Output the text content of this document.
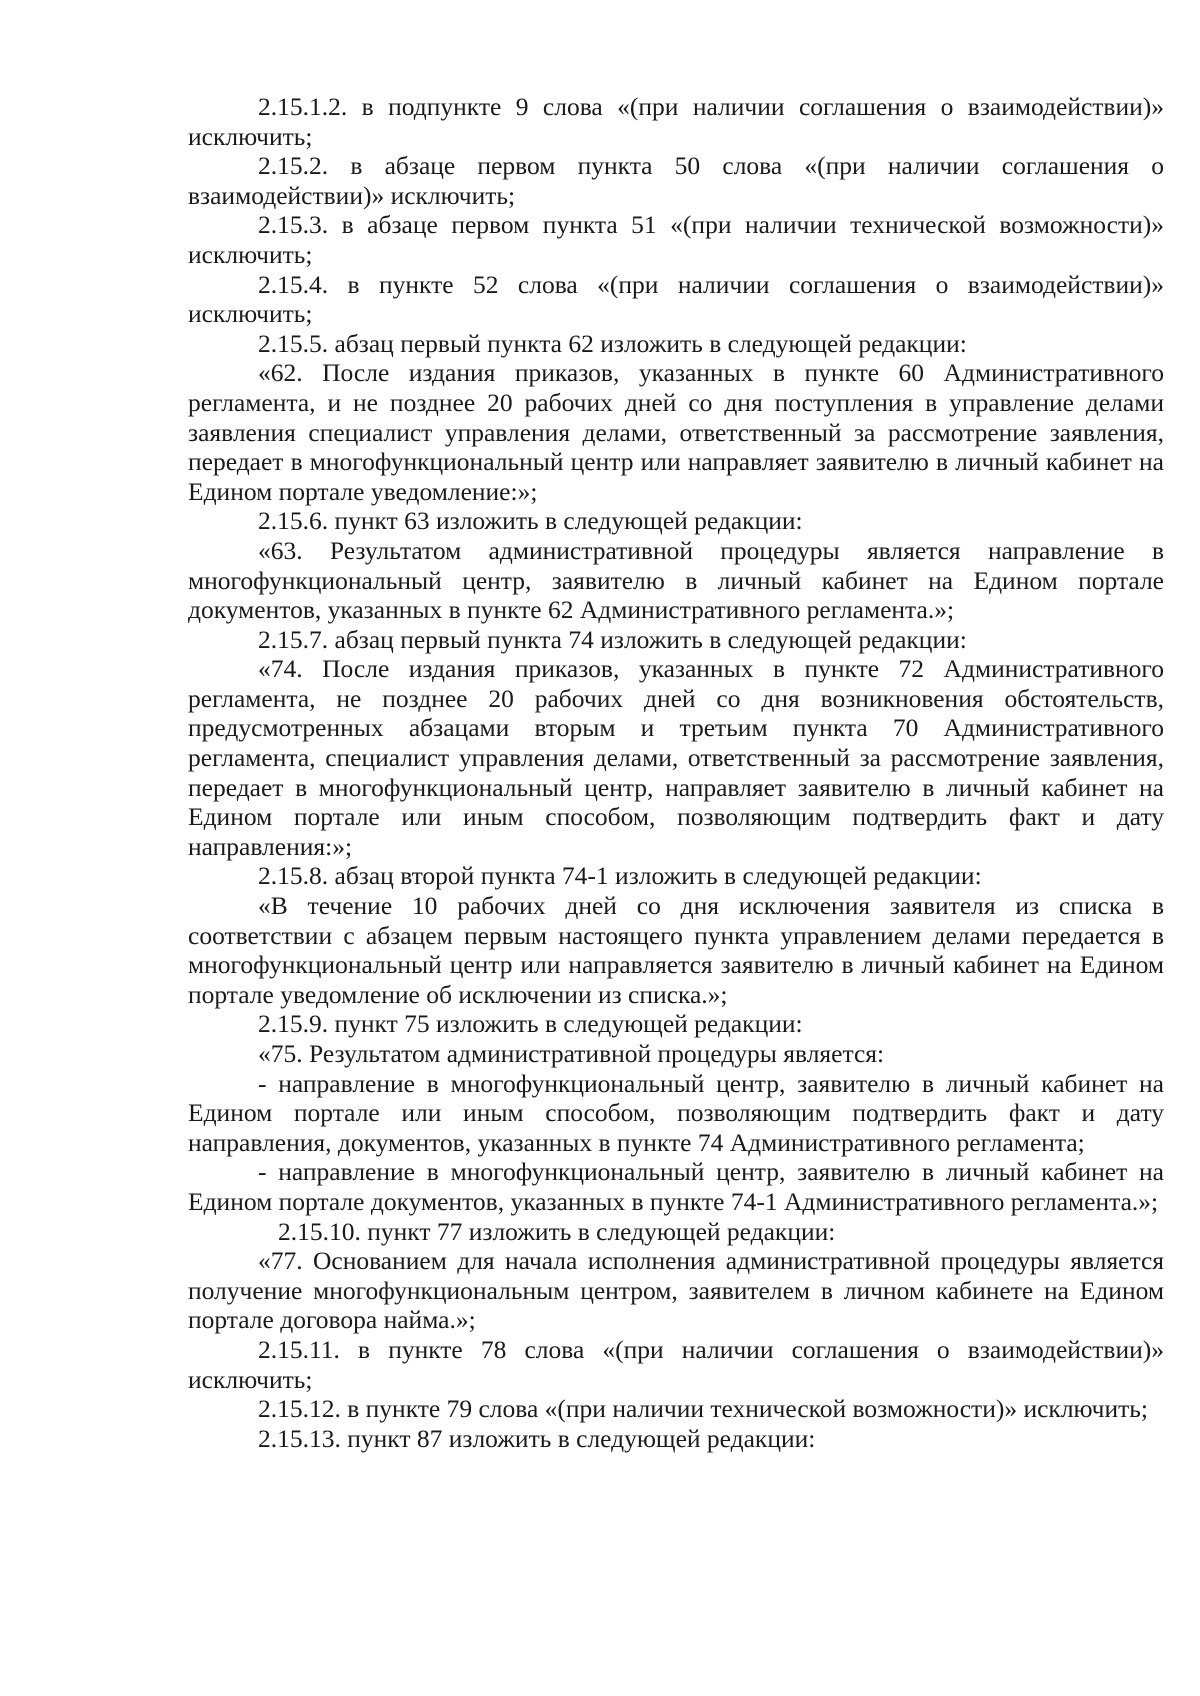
2.15.1.2. в подпункте 9 слова «(при наличии соглашения о взаимодействии)» исключить;

2.15.2. в абзаце первом пункта 50 слова «(при наличии соглашения о взаимодействии)» исключить;

2.15.3. в абзаце первом пункта 51 «(при наличии технической возможности)» исключить;

2.15.4. в пункте 52 слова «(при наличии соглашения о взаимодействии)» исключить;

2.15.5. абзац первый пункта 62 изложить в следующей редакции:

«62. После издания приказов, указанных в пункте 60 Административного регламента, и не позднее 20 рабочих дней со дня поступления в управление делами заявления специалист управления делами, ответственный за рассмотрение заявления, передает в многофункциональный центр или направляет заявителю в личный кабинет на Едином портале уведомление:»;

2.15.6. пункт 63 изложить в следующей редакции:

«63. Результатом административной процедуры является направление в многофункциональный центр, заявителю в личный кабинет на Едином портале документов, указанных в пункте 62 Административного регламента.»;

2.15.7. абзац первый пункта 74 изложить в следующей редакции:

«74. После издания приказов, указанных в пункте 72 Административного регламента, не позднее 20 рабочих дней со дня возникновения обстоятельств, предусмотренных абзацами вторым и третьим пункта 70 Административного регламента, специалист управления делами, ответственный за рассмотрение заявления, передает в многофункциональный центр, направляет заявителю в личный кабинет на Едином портале или иным способом, позволяющим подтвердить факт и дату направления:»;

2.15.8. абзац второй пункта 74-1 изложить в следующей редакции:

«В течение 10 рабочих дней со дня исключения заявителя из списка в соответствии с абзацем первым настоящего пункта управлением делами передается в многофункциональный центр или направляется заявителю в личный кабинет на Едином портале уведомление об исключении из списка.»;

2.15.9. пункт 75 изложить в следующей редакции:

«75. Результатом административной процедуры является:

- направление в многофункциональный центр, заявителю в личный кабинет на Едином портале или иным способом, позволяющим подтвердить факт и дату направления, документов, указанных в пункте 74 Административного регламента;

- направление в многофункциональный центр, заявителю в личный кабинет на Едином портале документов, указанных в пункте 74-1 Административного регламента.»;

2.15.10. пункт 77 изложить в следующей редакции:

«77. Основанием для начала исполнения административной процедуры является получение многофункциональным центром, заявителем в личном кабинете на Едином портале договора найма.»;

2.15.11. в пункте 78 слова «(при наличии соглашения о взаимодействии)» исключить;

2.15.12. в пункте 79 слова «(при наличии технической возможности)» исключить;

2.15.13. пункт 87 изложить в следующей редакции:
